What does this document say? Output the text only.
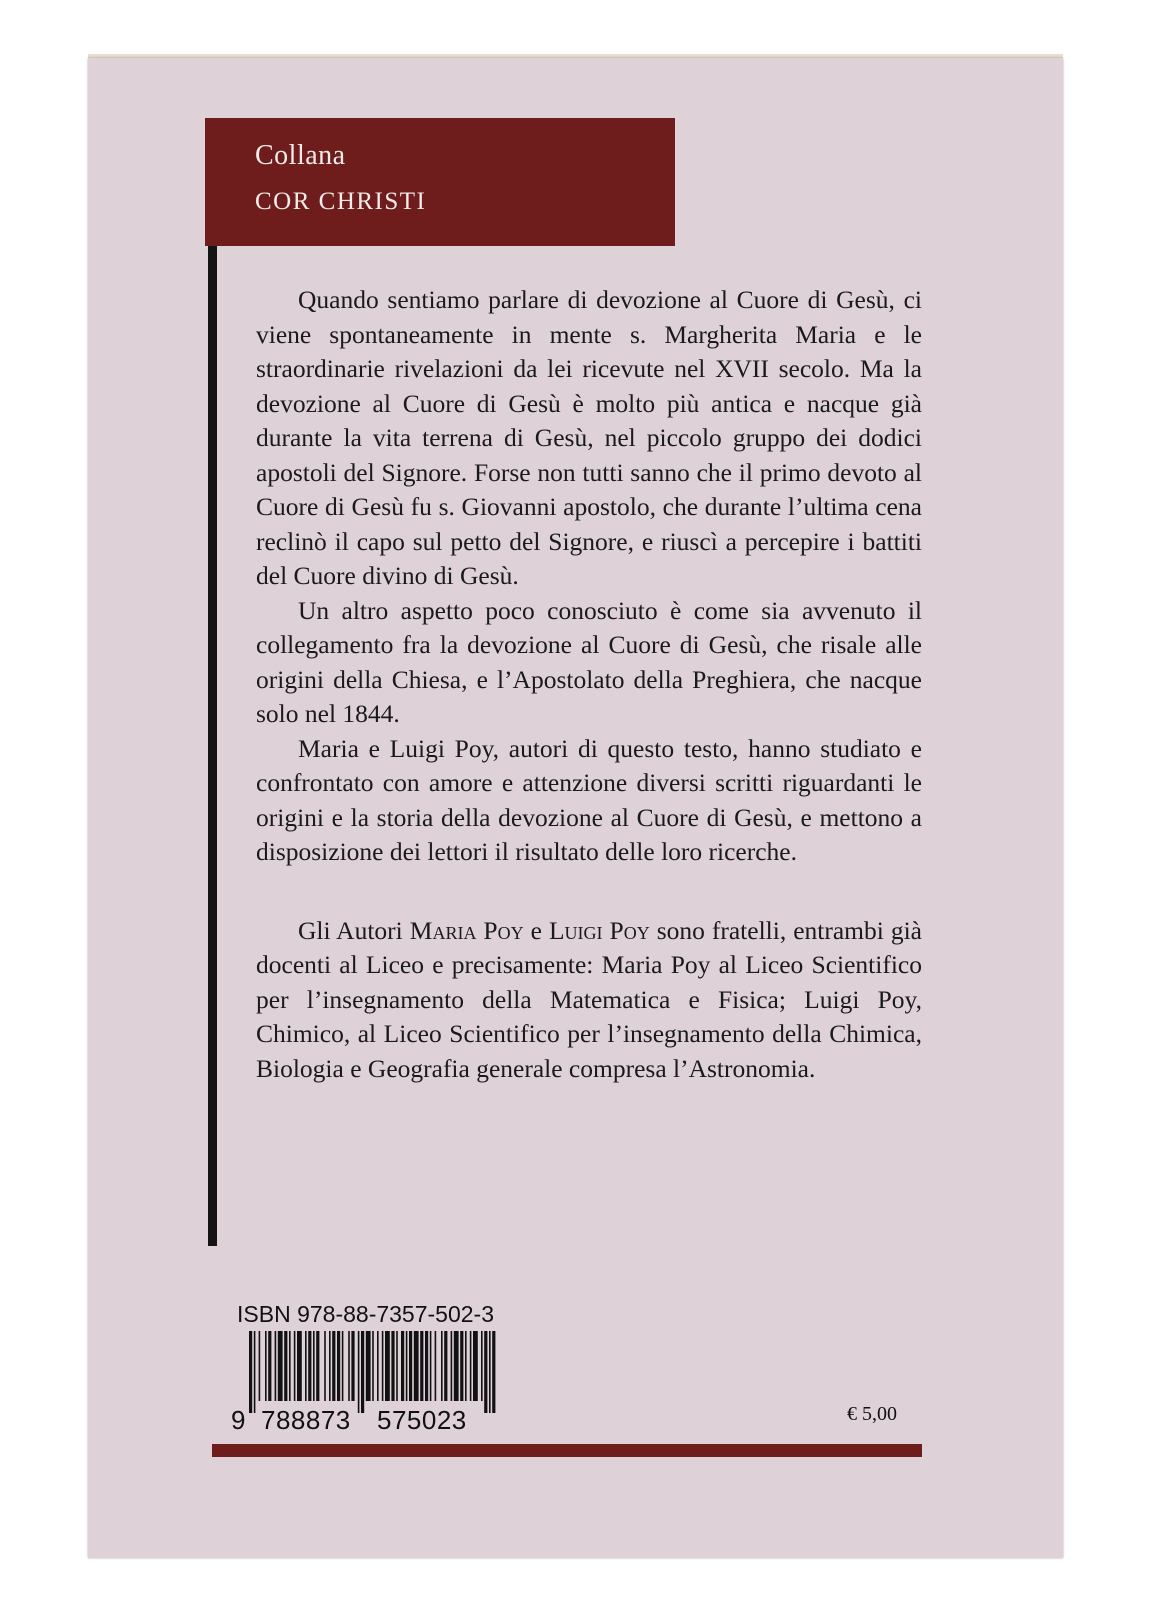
Collana
COR CHRISTI

Quando sentiamo parlare di devozione al Cuore di Gesù, ci viene spontaneamente in mente s. Margherita Maria e le straordinarie rivelazioni da lei ricevute nel XVII secolo. Ma la devozione al Cuore di Gesù è molto più antica e nacque già durante la vita terrena di Gesù, nel piccolo gruppo dei dodici apostoli del Signore. Forse non tutti sanno che il primo devoto al Cuore di Gesù fu s. Giovanni apostolo, che durante l’ultima cena reclinò il capo sul petto del Signore, e riuscì a percepire i battiti del Cuore divino di Gesù.

Un altro aspetto poco conosciuto è come sia avvenuto il collegamento fra la devozione al Cuore di Gesù, che risale alle origini della Chiesa, e l’Apostolato della Preghiera, che nacque solo nel 1844.

Maria e Luigi Poy, autori di questo testo, hanno studiato e confrontato con amore e attenzione diversi scritti riguardanti le origini e la storia della devozione al Cuore di Gesù, e mettono a disposizione dei lettori il risultato delle loro ricerche.

Gli Autori Maria Poy e Luigi Poy sono fratelli, entrambi già docenti al Liceo e precisamente: Maria Poy al Liceo Scientifico per l’insegnamento della Matematica e Fisica; Luigi Poy, Chimico, al Liceo Scientifico per l’insegnamento della Chimica, Biologia e Geografia generale compresa l’Astronomia.

ISBN 978-88-7357-502-3
9 788873 575023	€ 5,00
